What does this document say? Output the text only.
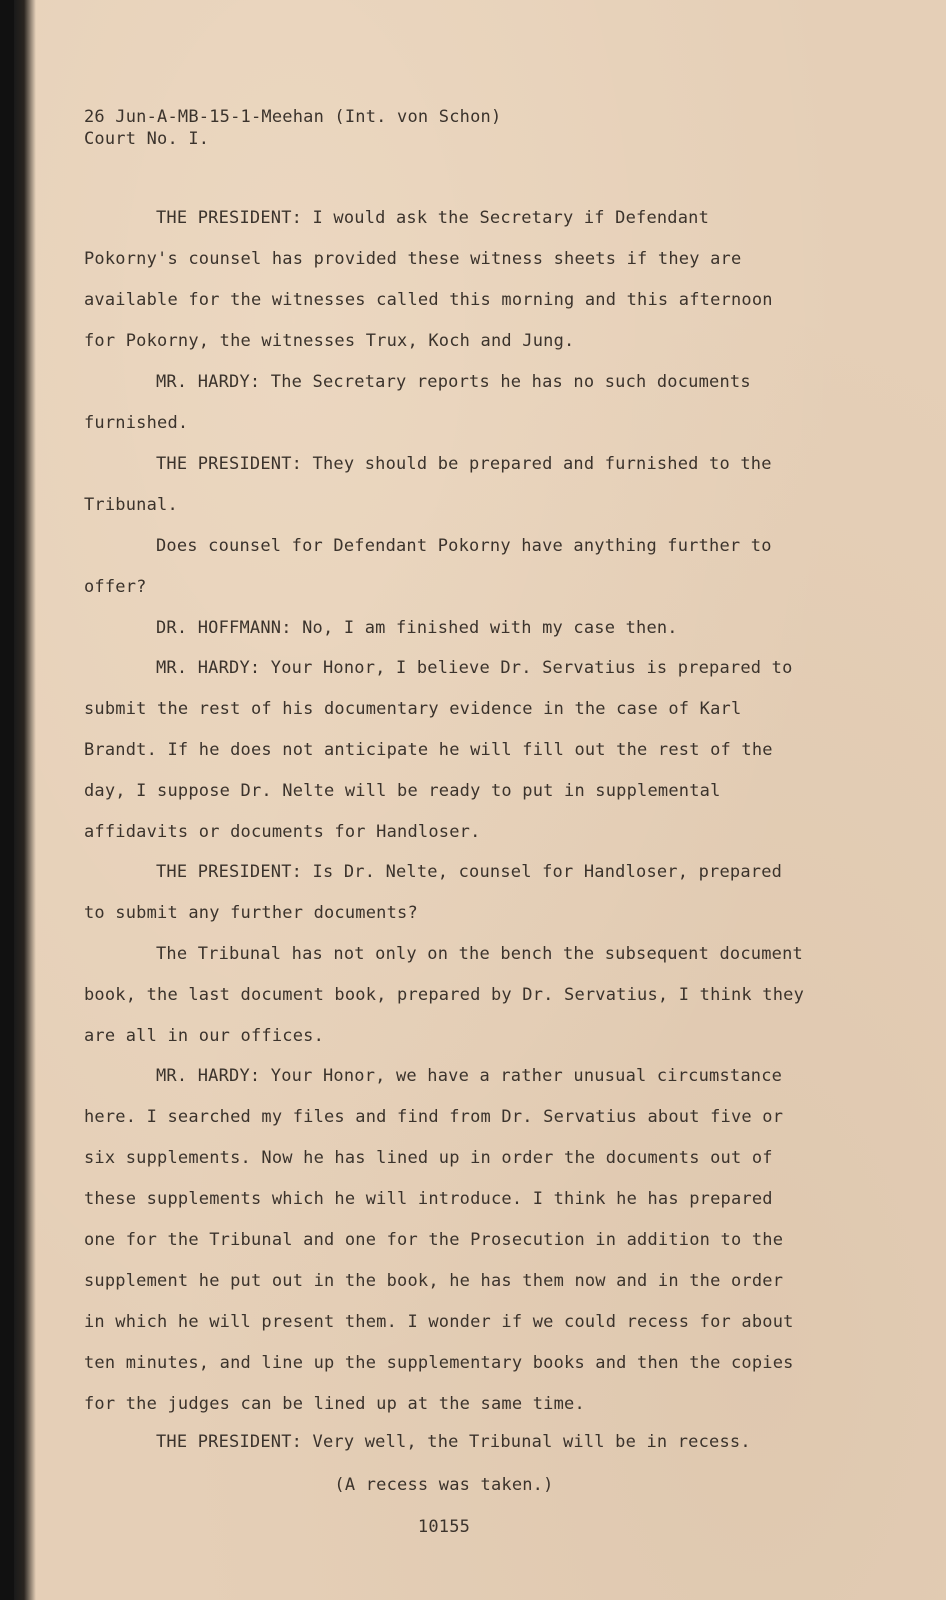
26 Jun-A-MB-15-1-Meehan (Int. von Schon)
Court No. I.
THE PRESIDENT: I would ask the Secretary if Defendant Pokorny's counsel has provided these witness sheets if they are available for the witnesses called this morning and this afternoon for Pokorny, the witnesses Trux, Koch and Jung.
MR. HARDY: The Secretary reports he has no such documents furnished.
THE PRESIDENT: They should be prepared and furnished to the Tribunal.
Does counsel for Defendant Pokorny have anything further to offer?
DR. HOFFMANN: No, I am finished with my case then.
MR. HARDY: Your Honor, I believe Dr. Servatius is prepared to submit the rest of his documentary evidence in the case of Karl Brandt. If he does not anticipate he will fill out the rest of the day, I suppose Dr. Nelte will be ready to put in supplemental affidavits or documents for Handloser.
THE PRESIDENT: Is Dr. Nelte, counsel for Handloser, prepared to submit any further documents?
The Tribunal has not only on the bench the subsequent document book, the last document book, prepared by Dr. Servatius, I think they are all in our offices.
MR. HARDY: Your Honor, we have a rather unusual circumstance here. I searched my files and find from Dr. Servatius about five or six supplements. Now he has lined up in order the documents out of these supplements which he will introduce. I think he has prepared one for the Tribunal and one for the Prosecution in addition to the supplement he put out in the book, he has them now and in the order in which he will present them. I wonder if we could recess for about ten minutes, and line up the supplementary books and then the copies for the judges can be lined up at the same time.
THE PRESIDENT: Very well, the Tribunal will be in recess.
(A recess was taken.)
10155
